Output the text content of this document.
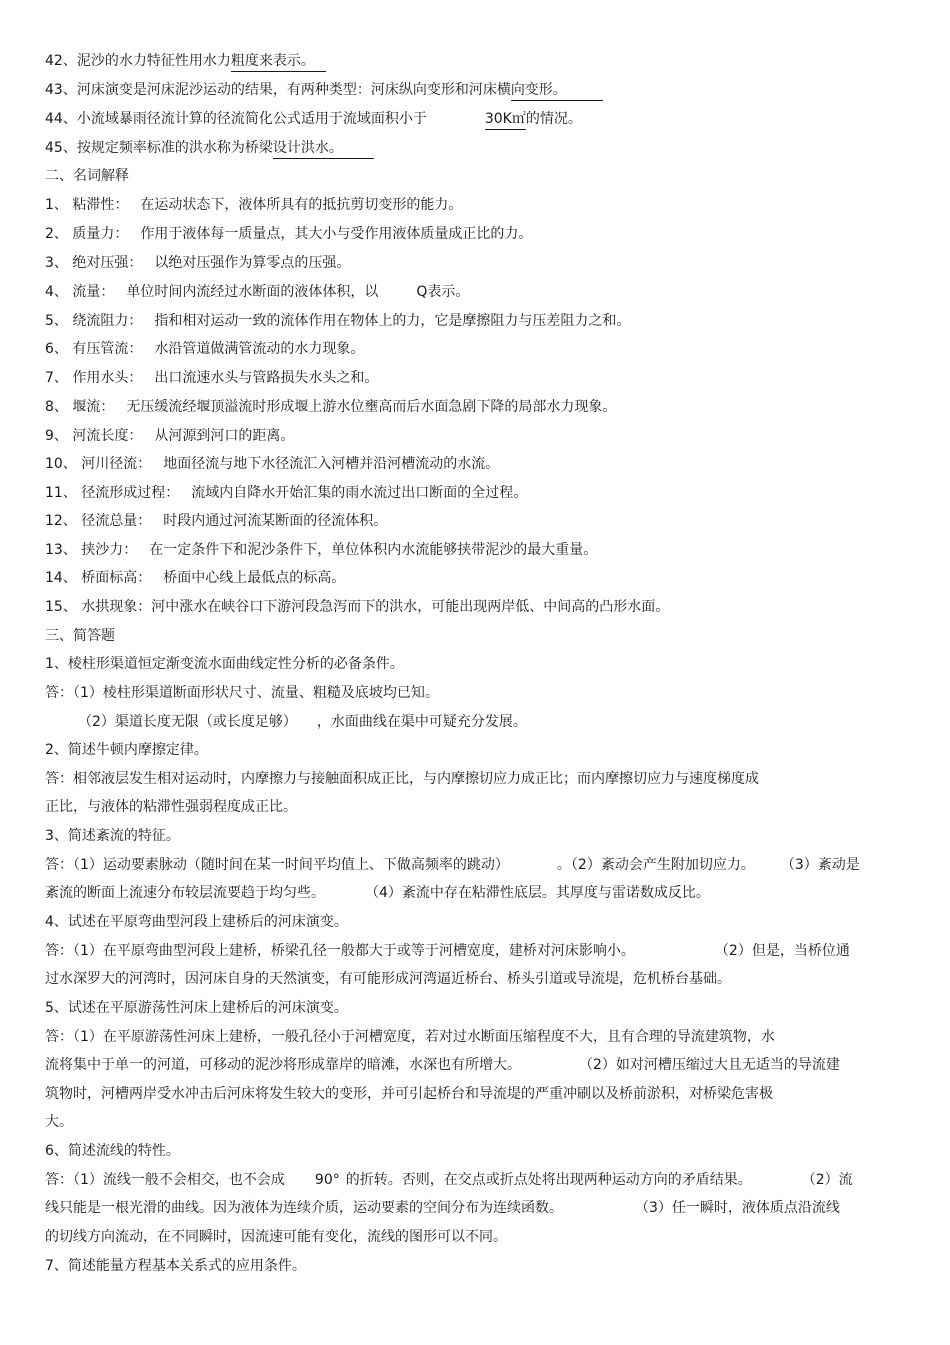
42、泥沙的水力特征性用水力粗度来表示。
43、河床演变是河床泥沙运动的结果，有两种类型：河床纵向变形和河床横向变形。
44、小流域暴雨径流计算的径流简化公式适用于流域面积小于	30K㎡的情况。
45、按规定频率标准的洪水称为桥梁设计洪水。
二、名词解释
1、 粘滞性： 在运动状态下，液体所具有的抵抗剪切变形的能力。
2、 质量力： 作用于液体每一质量点，其大小与受作用液体质量成正比的力。
3、 绝对压强： 以绝对压强作为算零点的压强。
4、 流量： 单位时间内流经过水断面的液体体积，以	Q表示。
5、 绕流阻力： 指和相对运动一致的流体作用在物体上的力，它是摩擦阻力与压差阻力之和。
6、 有压管流： 水沿管道做满管流动的水力现象。
7、 作用水头： 出口流速水头与管路损失水头之和。
8、 堰流： 无压缓流经堰顶溢流时形成堰上游水位壅高而后水面急剧下降的局部水力现象。
9、 河流长度： 从河源到河口的距离。
10、 河川径流： 地面径流与地下水径流汇入河槽并沿河槽流动的水流。
11、 径流形成过程： 流域内自降水开始汇集的雨水流过出口断面的全过程。
12、 径流总量： 时段内通过河流某断面的径流体积。
13、 挟沙力： 在一定条件下和泥沙条件下，单位体积内水流能够挟带泥沙的最大重量。
14、 桥面标高： 桥面中心线上最低点的标高。
15、 水拱现象：河中涨水在峡谷口下游河段急泻而下的洪水，可能出现两岸低、中间高的凸形水面。
三、简答题
1、棱柱形渠道恒定渐变流水面曲线定性分析的必备条件。
答：（1）棱柱形渠道断面形状尺寸、流量、粗糙及底坡均已知。
（2）渠道长度无限（或长度足够） ，水面曲线在渠中可疑充分发展。
2、简述牛顿内摩擦定律。
答：相邻液层发生相对运动时，内摩擦力与接触面积成正比，与内摩擦切应力成正比；而内摩擦切应力与速度梯度成
正比，与液体的粘滞性强弱程度成正比。
3、简述紊流的特征。
答：（1）运动要素脉动（随时间在某一时间平均值上、下做高频率的跳动）	。（2）紊动会产生附加切应力。 （3）紊动是
紊流的断面上流速分布较层流要趋于均匀些。	（4）紊流中存在粘滞性底层。其厚度与雷诺数成反比。
4、试述在平原弯曲型河段上建桥后的河床演变。
答：（1）在平原弯曲型河段上建桥，桥梁孔径一般都大于或等于河槽宽度，建桥对河床影响小。	（2）但是，当桥位通
过水深罗大的河湾时，因河床自身的天然演变，有可能形成河湾逼近桥台、桥头引道或导流堤，危机桥台基础。
5、试述在平原游荡性河床上建桥后的河床演变。
答：（1）在平原游荡性河床上建桥，一般孔径小于河槽宽度，若对过水断面压缩程度不大，且有合理的导流建筑物，水
流将集中于单一的河道，可移动的泥沙将形成靠岸的暗滩，水深也有所增大。	（2）如对河槽压缩过大且无适当的导流建
筑物时，河槽两岸受水冲击后河床将发生较大的变形，并可引起桥台和导流堤的严重冲刷以及桥前淤积，对桥梁危害极
大。
6、简述流线的特性。
答：（1）流线一般不会相交，也不会成 90° 的折转。否则，在交点或折点处将出现两种运动方向的矛盾结果。	（2）流
线只能是一根光滑的曲线。因为液体为连续介质，运动要素的空间分布为连续函数。	（3）任一瞬时，液体质点沿流线
的切线方向流动，在不同瞬时，因流速可能有变化，流线的图形可以不同。
7、简述能量方程基本关系式的应用条件。
